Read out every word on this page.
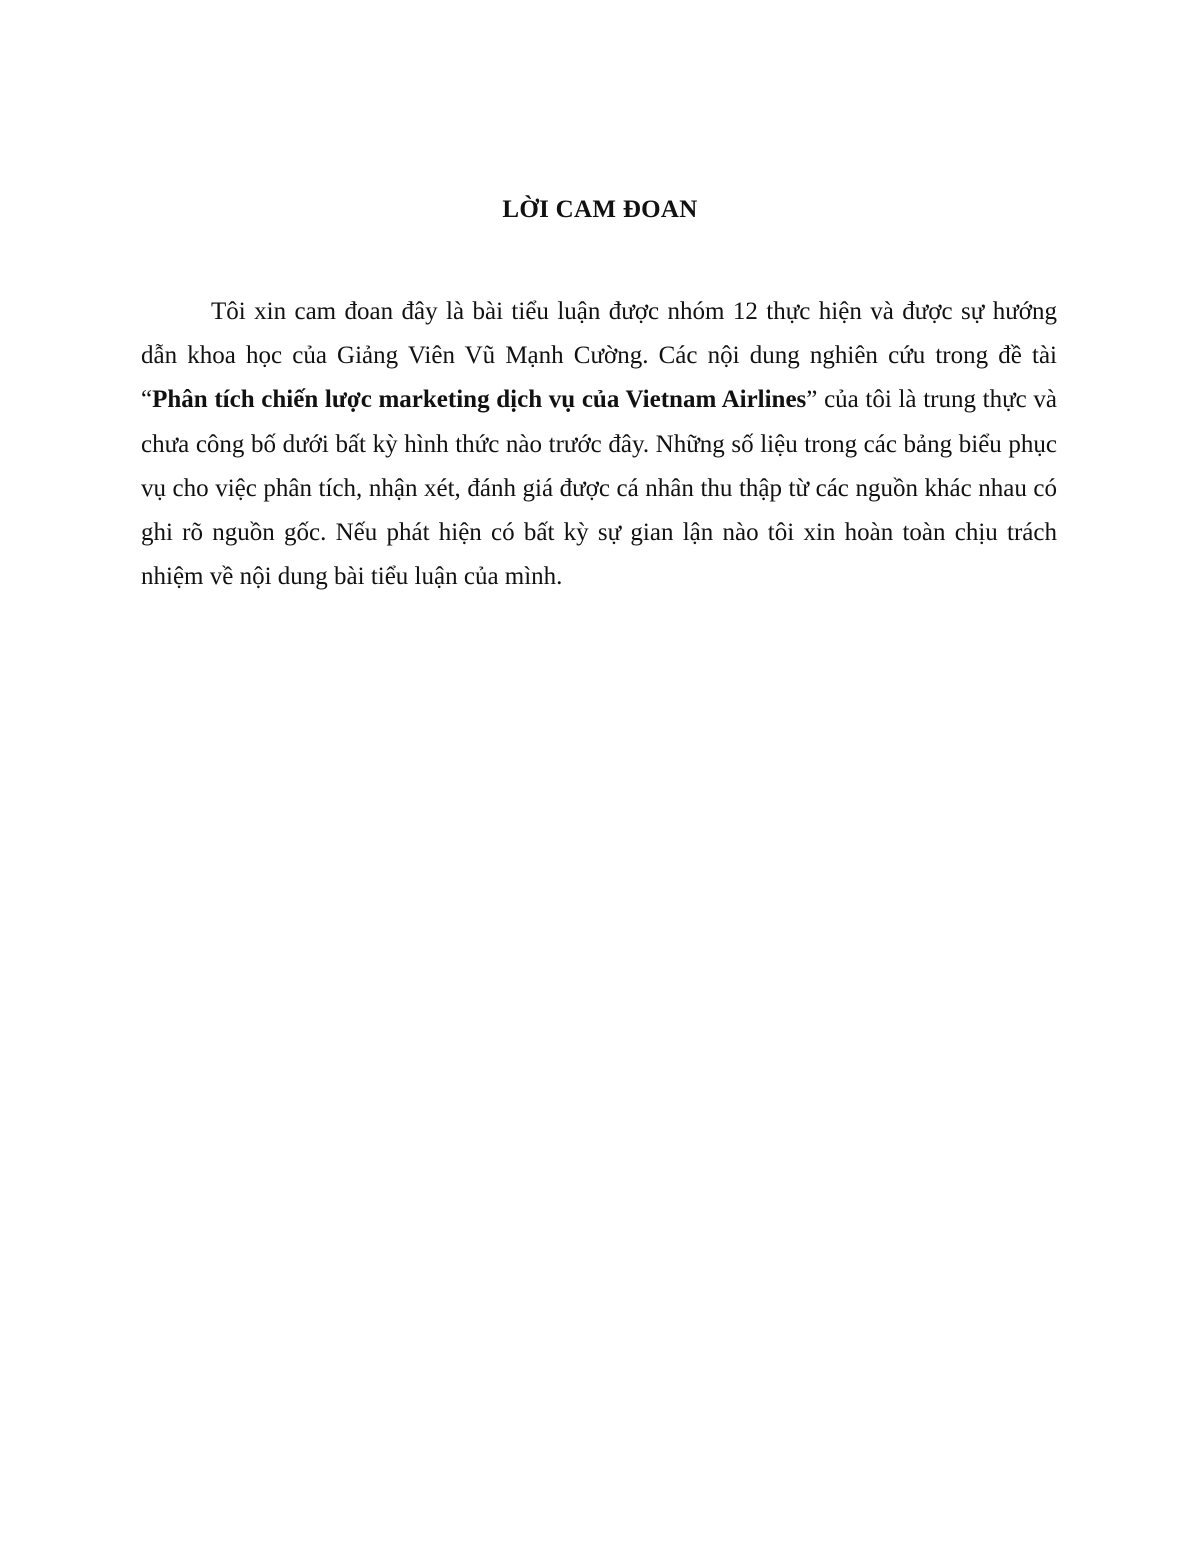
LỜI CAM ĐOAN

Tôi xin cam đoan đây là bài tiểu luận được nhóm 12 thực hiện và được sự hướng dẫn khoa học của Giảng Viên Vũ Mạnh Cường. Các nội dung nghiên cứu trong đề tài “Phân tích chiến lược marketing dịch vụ của Vietnam Airlines” của tôi là trung thực và chưa công bố dưới bất kỳ hình thức nào trước đây. Những số liệu trong các bảng biểu phục vụ cho việc phân tích, nhận xét, đánh giá được cá nhân thu thập từ các nguồn khác nhau có ghi rõ nguồn gốc. Nếu phát hiện có bất kỳ sự gian lận nào tôi xin hoàn toàn chịu trách nhiệm về nội dung bài tiểu luận của mình.
